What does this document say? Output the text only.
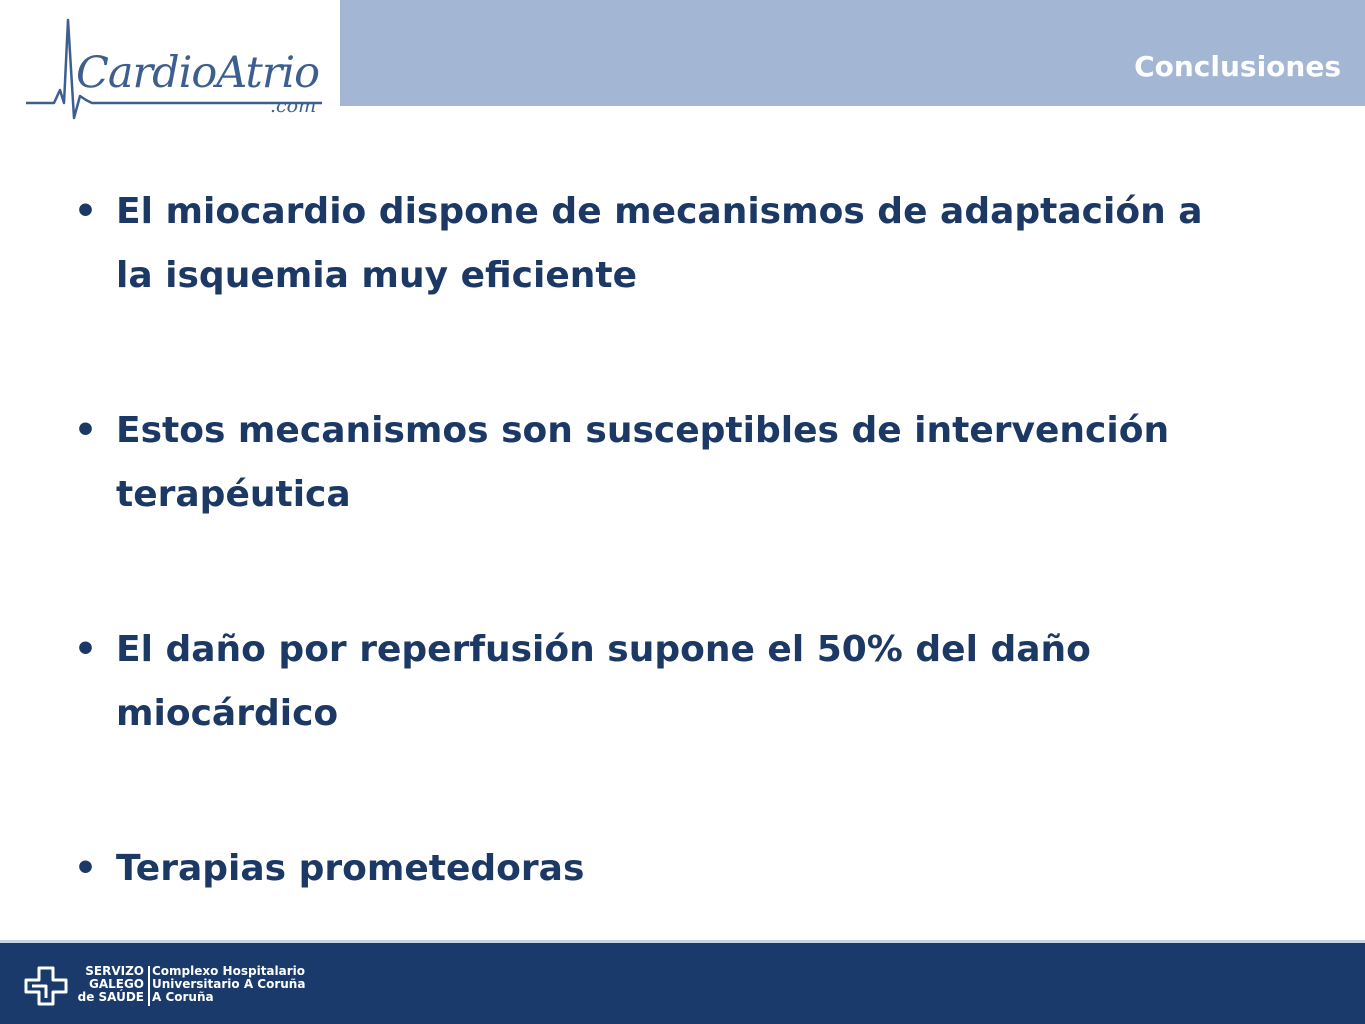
CardioAtrio
.com
Conclusiones
• El miocardio dispone de mecanismos de adaptación a
la isquemia muy eficiente
• Estos mecanismos son susceptibles de intervención
terapéutica
• El daño por reperfusión supone el 50% del daño
miocárdico
• Terapias prometedoras
SERVIZO
GALEGO
de SAÚDE
Complexo Hospitalario
Universitario A Coruña
A Coruña
